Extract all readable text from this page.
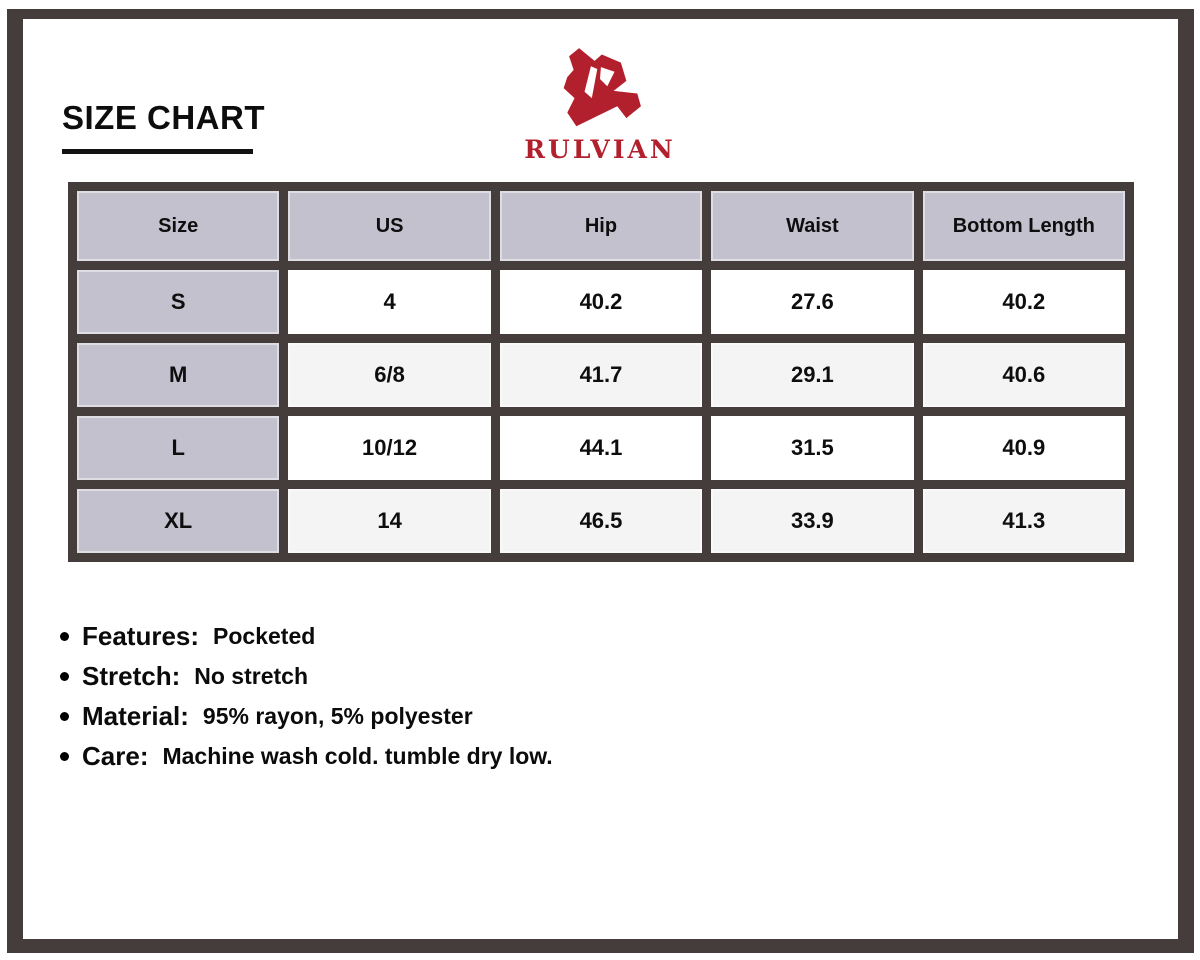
SIZE CHART
RULVIAN
Size	US	Hip	Waist	Bottom Length
S	4	40.2	27.6	40.2
M	6/8	41.7	29.1	40.6
L	10/12	44.1	31.5	40.9
XL	14	46.5	33.9	41.3
Features: Pocketed
Stretch: No stretch
Material: 95% rayon, 5% polyester
Care: Machine wash cold. tumble dry low.
